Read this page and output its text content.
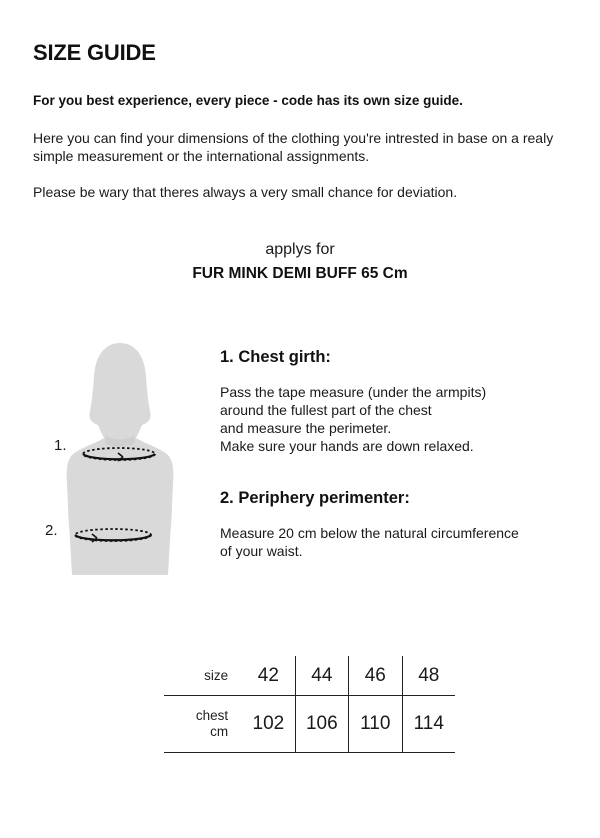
SIZE GUIDE

For you best experience, every piece - code has its own size guide.

Here you can find your dimensions of the clothing you're intrested in base on a realy simple measurement or the international assignments.

Please be wary that theres always a very small chance for deviation.

applys for

FUR MINK DEMI BUFF 65 Cm

1.
2.
1. Chest girth:

Pass the tape measure (under the armpits)
around the fullest part of the chest
and measure the perimeter.
Make sure your hands are down relaxed.

2. Periphery perimenter:

Measure 20 cm below the natural circumference
of your waist.

size	42	44	46	48

chest
cm	102	106	110	114
